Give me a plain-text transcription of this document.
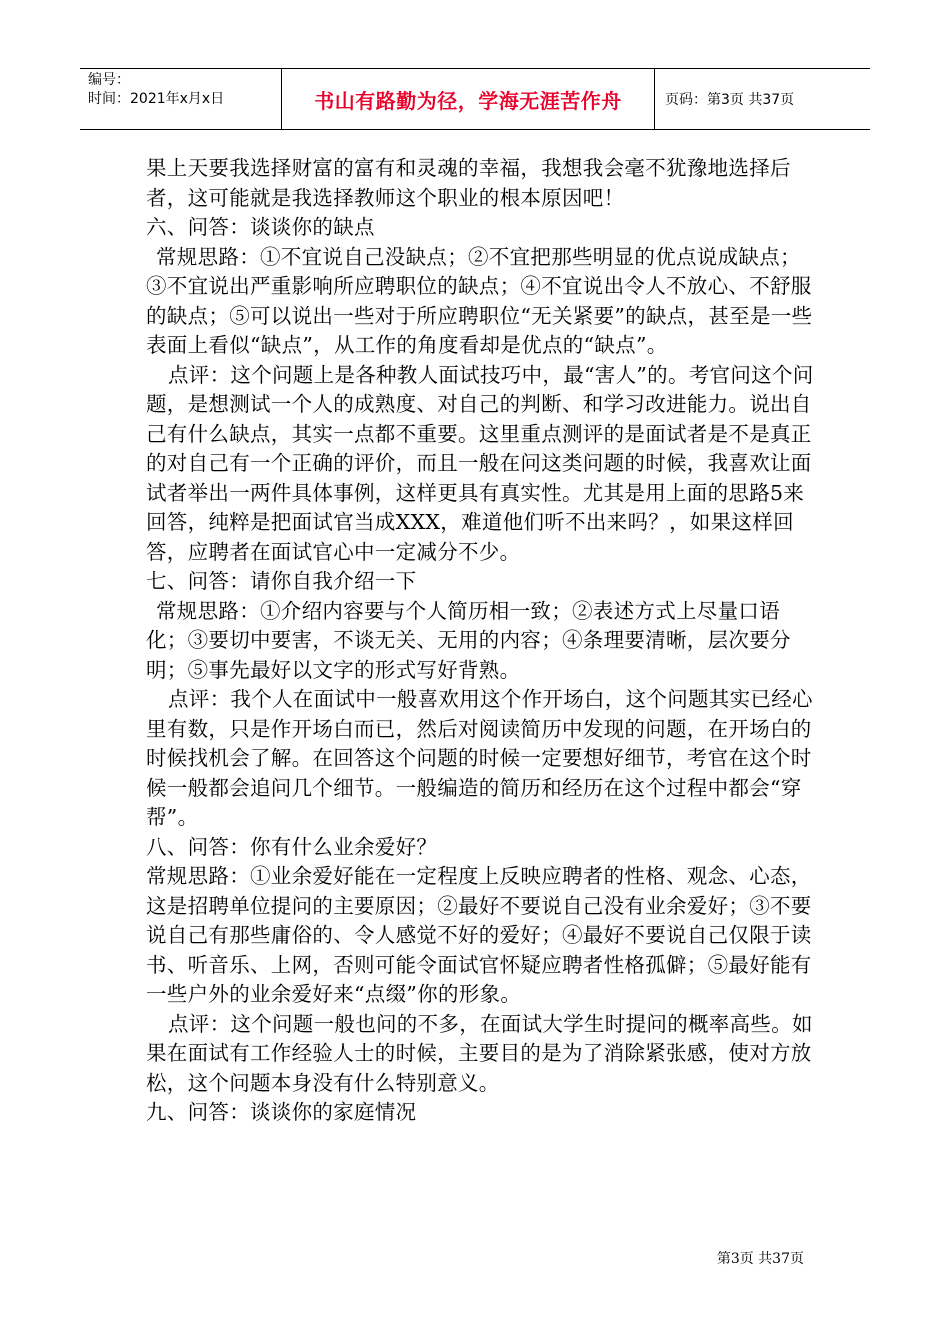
编号：
时间：2021年x月x日	书山有路勤为径，学海无涯苦作舟	页码：第3页 共37页

果上天要我选择财富的富有和灵魂的幸福，我想我会毫不犹豫地选择后者，这可能就是我选择教师这个职业的根本原因吧！

六、问答：谈谈你的缺点

常规思路：①不宜说自己没缺点；②不宜把那些明显的优点说成缺点；③不宜说出严重影响所应聘职位的缺点；④不宜说出令人不放心、不舒服的缺点；⑤可以说出一些对于所应聘职位“无关紧要”的缺点，甚至是一些表面上看似“缺点”，从工作的角度看却是优点的“缺点”。

点评：这个问题上是各种教人面试技巧中，最“害人”的。考官问这个问题，是想测试一个人的成熟度、对自己的判断、和学习改进能力。说出自己有什么缺点，其实一点都不重要。这里重点测评的是面试者是不是真正的对自己有一个正确的评价，而且一般在问这类问题的时候，我喜欢让面试者举出一两件具体事例，这样更具有真实性。尤其是用上面的思路5来回答，纯粹是把面试官当成XXX，难道他们听不出来吗？，如果这样回答，应聘者在面试官心中一定减分不少。

七、问答：请你自我介绍一下

常规思路：①介绍内容要与个人简历相一致；②表述方式上尽量口语化；③要切中要害，不谈无关、无用的内容；④条理要清晰，层次要分明；⑤事先最好以文字的形式写好背熟。

点评：我个人在面试中一般喜欢用这个作开场白，这个问题其实已经心里有数，只是作开场白而已，然后对阅读简历中发现的问题，在开场白的时候找机会了解。在回答这个问题的时候一定要想好细节，考官在这个时候一般都会追问几个细节。一般编造的简历和经历在这个过程中都会“穿帮”。

八、问答：你有什么业余爱好？

常规思路：①业余爱好能在一定程度上反映应聘者的性格、观念、心态，这是招聘单位提问的主要原因；②最好不要说自己没有业余爱好；③不要说自己有那些庸俗的、令人感觉不好的爱好；④最好不要说自己仅限于读书、听音乐、上网，否则可能令面试官怀疑应聘者性格孤僻；⑤最好能有一些户外的业余爱好来“点缀”你的形象。

点评：这个问题一般也问的不多，在面试大学生时提问的概率高些。如果在面试有工作经验人士的时候，主要目的是为了消除紧张感，使对方放松，这个问题本身没有什么特别意义。

九、问答：谈谈你的家庭情况

第3页 共37页
